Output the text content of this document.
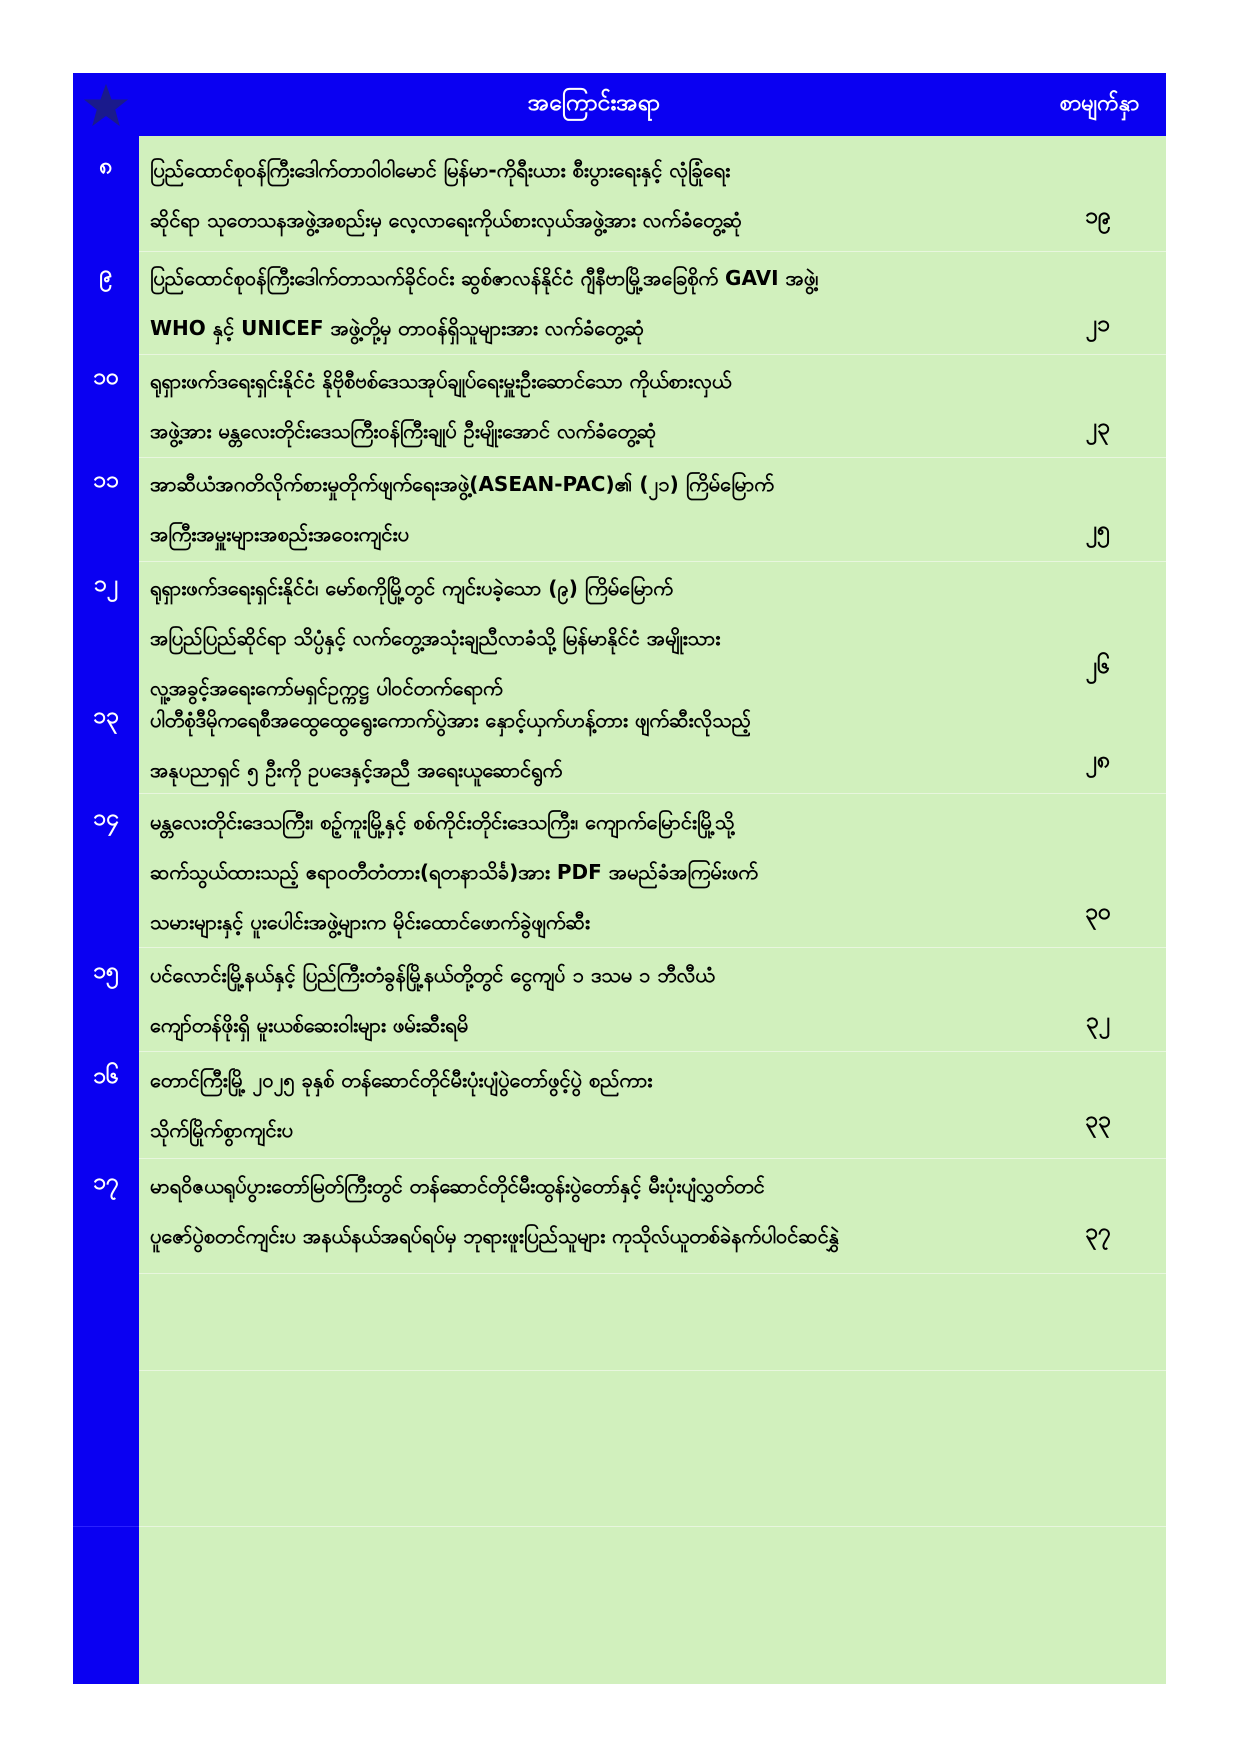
အကြောင်းအရာ	စာမျက်နှာ
၈	ပြည်ထောင်စုဝန်ကြီးဒေါက်တာဝါဝါမောင် မြန်မာ-ကိုရီးယား စီးပွားရေးနှင့် လုံခြုံရေး
ဆိုင်ရာ သုတေသနအဖွဲ့အစည်းမှ လေ့လာရေးကိုယ်စားလှယ်အဖွဲ့အား လက်ခံတွေ့ဆုံ	၁၉
၉	ပြည်ထောင်စုဝန်ကြီးဒေါက်တာသက်ခိုင်ဝင်း ဆွစ်ဇာလန်နိုင်ငံ ဂျီနီဗာမြို့အခြေစိုက် GAVI အဖွဲ့၊
WHO နှင့် UNICEF အဖွဲ့တို့မှ တာဝန်ရှိသူများအား လက်ခံတွေ့ဆုံ	၂၁
၁၀	ရုရှားဖက်ဒရေးရှင်းနိုင်ငံ နိုဗိုစီဗစ်ဒေသအုပ်ချုပ်ရေးမှူးဦးဆောင်သော ကိုယ်စားလှယ်
အဖွဲ့အား မန္တလေးတိုင်းဒေသကြီးဝန်ကြီးချုပ် ဦးမျိုးအောင် လက်ခံတွေ့ဆုံ	၂၃
၁၁	အာဆီယံအဂတိလိုက်စားမှုတိုက်ဖျက်ရေးအဖွဲ့(ASEAN-PAC)၏ (၂၁) ကြိမ်မြောက်
အကြီးအမှူးများအစည်းအဝေးကျင်းပ	၂၅
၁၂	ရုရှားဖက်ဒရေးရှင်းနိုင်ငံ၊ မော်စကိုမြို့တွင် ကျင်းပခဲ့သော (၉) ကြိမ်မြောက်
အပြည်ပြည်ဆိုင်ရာ သိပ္ပံနှင့် လက်တွေ့အသုံးချညီလာခံသို့ မြန်မာနိုင်ငံ အမျိုးသား
လူ့အခွင့်အရေးကော်မရှင်ဥက္ကဋ္ဌ ပါဝင်တက်ရောက်
၂၆
၁၃	ပါတီစုံဒီမိုကရေစီအထွေထွေရွေးကောက်ပွဲအား နှောင့်ယှက်ဟန့်တား ဖျက်ဆီးလိုသည့်
အနုပညာရှင် ၅ ဦးကို ဥပဒေနှင့်အညီ အရေးယူဆောင်ရွက်	၂၈
၁၄	မန္တလေးတိုင်းဒေသကြီး၊ စဉ့်ကူးမြို့နှင့် စစ်ကိုင်းတိုင်းဒေသကြီး၊ ကျောက်မြောင်းမြို့သို့
ဆက်သွယ်ထားသည့် ဧရာဝတီတံတား(ရတနာသိင်္ခ)အား PDF အမည်ခံအကြမ်းဖက်
သမားများနှင့် ပူးပေါင်းအဖွဲ့များက မိုင်းထောင်ဖောက်ခွဲဖျက်ဆီး	၃၀
၁၅	ပင်လောင်းမြို့နယ်နှင့် ပြည်ကြီးတံခွန်မြို့နယ်တို့တွင် ငွေကျပ် ၁ ဒသမ ၁ ဘီလီယံ
ကျော်တန်ဖိုးရှိ မူးယစ်ဆေးဝါးများ ဖမ်းဆီးရမိ	၃၂
၁၆	တောင်ကြီးမြို့ ၂၀၂၅ ခုနှစ် တန်ဆောင်တိုင်မီးပုံးပျံပွဲတော်ဖွင့်ပွဲ စည်ကား
သိုက်မြိုက်စွာကျင်းပ	၃၃
၁၇	မာရဝိဇယရုပ်ပွားတော်မြတ်ကြီးတွင် တန်ဆောင်တိုင်မီးထွန်းပွဲတော်နှင့် မီးပုံးပျံလွှတ်တင်
ပူဇော်ပွဲစတင်ကျင်းပ အနယ်နယ်အရပ်ရပ်မှ ဘုရားဖူးပြည်သူများ ကုသိုလ်ယူတစ်ခဲနက်ပါဝင်ဆင်နွှဲ	၃၇
